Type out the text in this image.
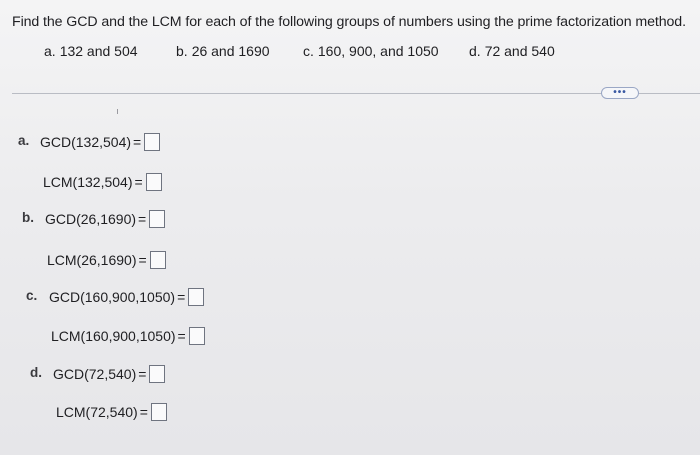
Find the GCD and the LCM for each of the following groups of numbers using the prime factorization method.
a. 132 and 504	b. 26 and 1690 c. 160, 900, and 1050 d. 72 and 540
•••
a. GCD(132,504) =
LCM(132,504) =
b. GCD(26,1690) =
LCM(26,1690) =
c. GCD(160,900,1050) =
LCM(160,900,1050) =
d. GCD(72,540) =
LCM(72,540) =
